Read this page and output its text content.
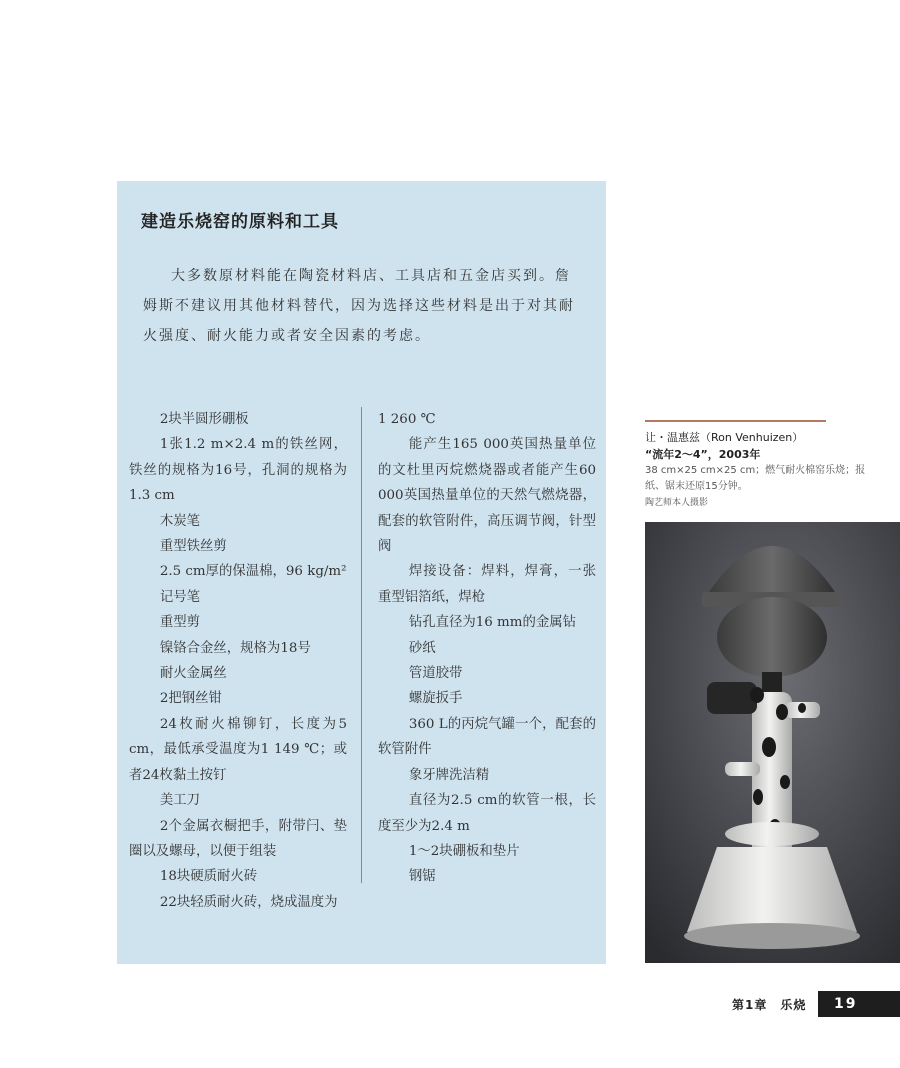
建造乐烧窑的原料和工具

大多数原材料能在陶瓷材料店、工具店和五金店买到。詹姆斯不建议用其他材料替代，因为选择这些材料是出于对其耐火强度、耐火能力或者安全因素的考虑。

2块半圆形硼板

1张1.2 m×2.4 m的铁丝网，铁丝的规格为16号，孔洞的规格为1.3 cm

木炭笔

重型铁丝剪

2.5 cm厚的保温棉，96 kg/m²

记号笔

重型剪

镍铬合金丝，规格为18号

耐火金属丝

2把钢丝钳

24枚耐火棉铆钉，长度为5 cm，最低承受温度为1 149 ℃；或者24枚黏土按钉

美工刀

2个金属衣橱把手，附带闩、垫圈以及螺母，以便于组装

18块硬质耐火砖

22块轻质耐火砖，烧成温度为

1 260 ℃

能产生165 000英国热量单位的文杜里丙烷燃烧器或者能产生60 000英国热量单位的天然气燃烧器，配套的软管附件，高压调节阀，针型阀

焊接设备：焊料，焊膏，一张重型铝箔纸，焊枪

钻孔直径为16 mm的金属钻

砂纸

管道胶带

螺旋扳手

360 L的丙烷气罐一个，配套的软管附件

象牙牌洗洁精

直径为2.5 cm的软管一根，长度至少为2.4 m

1～2块硼板和垫片

钢锯

让・温惠兹（Ron Venhuizen）
“流年2～4”，2003年
38 cm×25 cm×25 cm；燃气耐火棉窑乐烧；报纸、锯末还原15分钟。
陶艺师本人摄影
第1章　乐烧	19
